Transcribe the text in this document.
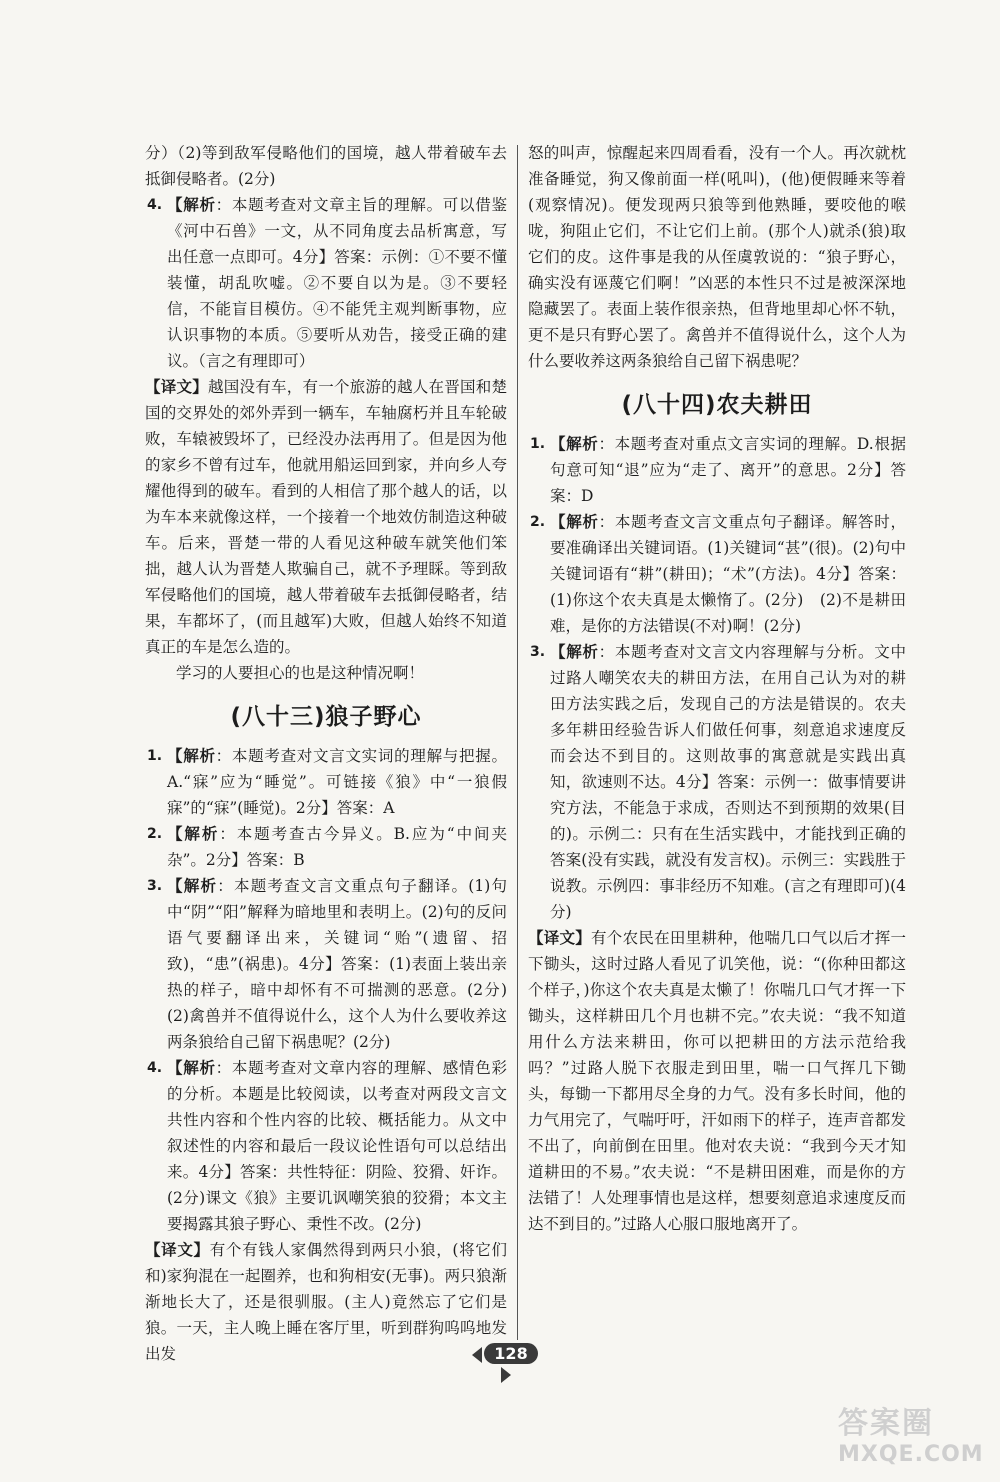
分）（2)等到敌军侵略他们的国境，越人带着破车去抵御侵略者。(2分)

4. 【解析：本题考查对文章主旨的理解。可以借鉴《河中石兽》一文，从不同角度去品析寓意，写出任意一点即可。4分】答案：示例：①不要不懂装懂，胡乱吹嘘。②不要自以为是。③不要轻信，不能盲目模仿。④不能凭主观判断事物，应认识事物的本质。⑤要听从劝告，接受正确的建议。（言之有理即可）

【译文】越国没有车，有一个旅游的越人在晋国和楚国的交界处的郊外弄到一辆车，车轴腐朽并且车轮破败，车辕被毁坏了，已经没办法再用了。但是因为他的家乡不曾有过车，他就用船运回到家，并向乡人夸耀他得到的破车。看到的人相信了那个越人的话，以为车本来就像这样，一个接着一个地效仿制造这种破车。后来，晋楚一带的人看见这种破车就笑他们笨拙，越人认为晋楚人欺骗自己，就不予理睬。等到敌军侵略他们的国境，越人带着破车去抵御侵略者，结果，车都坏了，(而且越军)大败，但越人始终不知道真正的车是怎么造的。

学习的人要担心的也是这种情况啊！

(八十三)狼子野心

1. 【解析：本题考查对文言文实词的理解与把握。A.“寐”应为“睡觉”。可链接《狼》中“一狼假寐”的“寐”(睡觉)。2分】答案：A

2. 【解析：本题考查古今异义。B.应为“中间夹杂”。2分】答案：B

3. 【解析：本题考查文言文重点句子翻译。(1)句中“阴”“阳”解释为暗地里和表明上。(2)句的反问语气要翻译出来，关键词“贻”(遗留、招致)，“患”(祸患)。4分】答案：(1)表面上装出亲热的样子，暗中却怀有不可揣测的恶意。(2分)　(2)禽兽并不值得说什么，这个人为什么要收养这两条狼给自己留下祸患呢？(2分)

4. 【解析：本题考查对文章内容的理解、感情色彩的分析。本题是比较阅读，以考查对两段文言文共性内容和个性内容的比较、概括能力。从文中叙述性的内容和最后一段议论性语句可以总结出来。4分】答案：共性特征：阴险、狡猾、奸诈。(2分)课文《狼》主要讥讽嘲笑狼的狡猾；本文主要揭露其狼子野心、秉性不改。(2分)

【译文】有个有钱人家偶然得到两只小狼，(将它们和)家狗混在一起圈养，也和狗相安(无事)。两只狼渐渐地长大了，还是很驯服。(主人)竟然忘了它们是狼。一天，主人晚上睡在客厅里，听到群狗呜呜地发出发

怒的叫声，惊醒起来四周看看，没有一个人。再次就枕准备睡觉，狗又像前面一样(吼叫)，(他)便假睡来等着(观察情况)。便发现两只狼等到他熟睡，要咬他的喉咙，狗阻止它们，不让它们上前。(那个人)就杀(狼)取它们的皮。这件事是我的从侄虞敦说的：“狼子野心，确实没有诬蔑它们啊！”凶恶的本性只不过是被深深地隐藏罢了。表面上装作很亲热，但背地里却心怀不轨，更不是只有野心罢了。禽兽并不值得说什么，这个人为什么要收养这两条狼给自己留下祸患呢？

(八十四)农夫耕田

1. 【解析：本题考查对重点文言实词的理解。D.根据句意可知“退”应为“走了、离开”的意思。2分】答案：D

2. 【解析：本题考查文言文重点句子翻译。解答时，要准确译出关键词语。(1)关键词“甚”(很)。(2)句中关键词语有“耕”(耕田)；“术”(方法)。4分】答案：(1)你这个农夫真是太懒惰了。(2分)　(2)不是耕田难，是你的方法错误(不对)啊！(2分)

3. 【解析：本题考查对文言文内容理解与分析。文中过路人嘲笑农夫的耕田方法，在用自己认为对的耕田方法实践之后，发现自己的方法是错误的。农夫多年耕田经验告诉人们做任何事，刻意追求速度反而会达不到目的。这则故事的寓意就是实践出真知，欲速则不达。4分】答案：示例一：做事情要讲究方法，不能急于求成，否则达不到预期的效果(目的)。示例二：只有在生活实践中，才能找到正确的答案(没有实践，就没有发言权)。示例三：实践胜于说教。示例四：事非经历不知难。(言之有理即可)(4分)

【译文】有个农民在田里耕种，他喘几口气以后才挥一下锄头，这时过路人看见了讥笑他，说：“(你种田都这个样子，)你这个农夫真是太懒了！你喘几口气才挥一下锄头，这样耕田几个月也耕不完。”农夫说：“我不知道用什么方法来耕田，你可以把耕田的方法示范给我吗？”过路人脱下衣服走到田里，喘一口气挥几下锄头，每锄一下都用尽全身的力气。没有多长时间，他的力气用完了，气喘吁吁，汗如雨下的样子，连声音都发不出了，向前倒在田里。他对农夫说：“我到今天才知道耕田的不易。”农夫说：“不是耕田困难，而是你的方法错了！人处理事情也是这样，想要刻意追求速度反而达不到目的。”过路人心服口服地离开了。

128
答案圈
MXQE.COM
